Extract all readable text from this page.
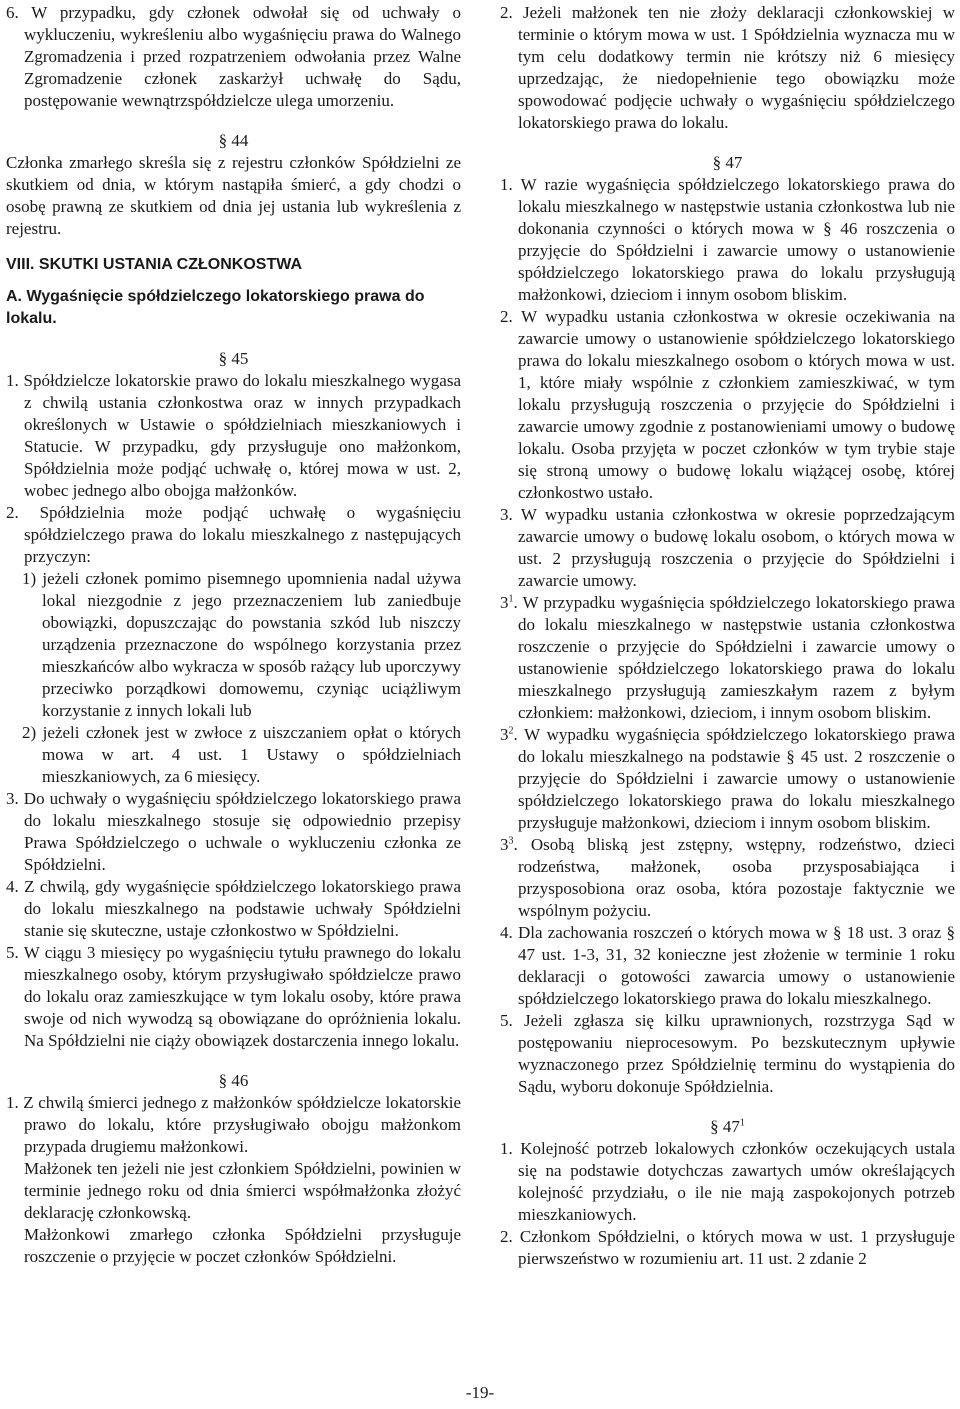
6. W przypadku, gdy członek odwołał się od uchwały o wykluczeniu, wykreśleniu albo wygaśnięciu prawa do Walnego Zgromadzenia i przed rozpatrzeniem odwołania przez Walne Zgromadzenie członek zaskarżył uchwałę do Sądu, postępowanie wewnątrzspółdzielcze ulega umorzeniu.

§ 44

Członka zmarłego skreśla się z rejestru członków Spółdzielni ze skutkiem od dnia, w którym nastąpiła śmierć, a gdy chodzi o osobę prawną ze skutkiem od dnia jej ustania lub wykreślenia z rejestru.

VIII. SKUTKI USTANIA CZŁONKOSTWA

A. Wygaśnięcie spółdzielczego lokatorskiego prawa do lokalu.

§ 45

1. Spółdzielcze lokatorskie prawo do lokalu mieszkalnego wygasa z chwilą ustania członkostwa oraz w innych przypadkach określonych w Ustawie o spółdzielniach mieszkaniowych i Statucie. W przypadku, gdy przysługuje ono małżonkom, Spółdzielnia może podjąć uchwałę o, której mowa w ust. 2, wobec jednego albo obojga małżonków.

2. Spółdzielnia może podjąć uchwałę o wygaśnięciu spółdzielczego prawa do lokalu mieszkalnego z następujących przyczyn:

1) jeżeli członek pomimo pisemnego upomnienia nadal używa lokal niezgodnie z jego przeznaczeniem lub zaniedbuje obowiązki, dopuszczając do powstania szkód lub niszczy urządzenia przeznaczone do wspólnego korzystania przez mieszkańców albo wykracza w sposób rażący lub uporczywy przeciwko porządkowi domowemu, czyniąc uciążliwym korzystanie z innych lokali lub

2) jeżeli członek jest w zwłoce z uiszczaniem opłat o których mowa w art. 4 ust. 1 Ustawy o spółdzielniach mieszkaniowych, za 6 miesięcy.

3. Do uchwały o wygaśnięciu spółdzielczego lokatorskiego prawa do lokalu mieszkalnego stosuje się odpowiednio przepisy Prawa Spółdzielczego o uchwale o wykluczeniu członka ze Spółdzielni.

4. Z chwilą, gdy wygaśnięcie spółdzielczego lokatorskiego prawa do lokalu mieszkalnego na podstawie uchwały Spółdzielni stanie się skuteczne, ustaje członkostwo w Spółdzielni.

5. W ciągu 3 miesięcy po wygaśnięciu tytułu prawnego do lokalu mieszkalnego osoby, którym przysługiwało spółdzielcze prawo do lokalu oraz zamieszkujące w tym lokalu osoby, które prawa swoje od nich wywodzą są obowiązane do opróżnienia lokalu. Na Spółdzielni nie ciąży obowiązek dostarczenia innego lokalu.

§ 46

1. Z chwilą śmierci jednego z małżonków spółdzielcze lokatorskie prawo do lokalu, które przysługiwało obojgu małżonkom przypada drugiemu małżonkowi.

Małżonek ten jeżeli nie jest członkiem Spółdzielni, powinien w terminie jednego roku od dnia śmierci współmałżonka złożyć deklarację członkowską.

Małżonkowi zmarłego członka Spółdzielni przysługuje roszczenie o przyjęcie w poczet członków Spółdzielni.

2. Jeżeli małżonek ten nie złoży deklaracji członkowskiej w terminie o którym mowa w ust. 1 Spółdzielnia wyznacza mu w tym celu dodatkowy termin nie krótszy niż 6 miesięcy uprzedzając, że niedopełnienie tego obowiązku może spowodować podjęcie uchwały o wygaśnięciu spółdzielczego lokatorskiego prawa do lokalu.

§ 47

1. W razie wygaśnięcia spółdzielczego lokatorskiego prawa do lokalu mieszkalnego w następstwie ustania członkostwa lub nie dokonania czynności o których mowa w § 46 roszczenia o przyjęcie do Spółdzielni i zawarcie umowy o ustanowienie spółdzielczego lokatorskiego prawa do lokalu przysługują małżonkowi, dzieciom i innym osobom bliskim.

2. W wypadku ustania członkostwa w okresie oczekiwania na zawarcie umowy o ustanowienie spółdzielczego lokatorskiego prawa do lokalu mieszkalnego osobom o których mowa w ust. 1, które miały wspólnie z członkiem zamieszkiwać, w tym lokalu przysługują roszczenia o przyjęcie do Spółdzielni i zawarcie umowy zgodnie z postanowieniami umowy o budowę lokalu. Osoba przyjęta w poczet członków w tym trybie staje się stroną umowy o budowę lokalu wiążącej osobę, której członkostwo ustało.

3. W wypadku ustania członkostwa w okresie poprzedzającym zawarcie umowy o budowę lokalu osobom, o których mowa w ust. 2 przysługują roszczenia o przyjęcie do Spółdzielni i zawarcie umowy.

$3^1$. W przypadku wygaśnięcia spółdzielczego lokatorskiego prawa do lokalu mieszkalnego w następstwie ustania członkostwa roszczenie o przyjęcie do Spółdzielni i zawarcie umowy o ustanowienie spółdzielczego lokatorskiego prawa do lokalu mieszkalnego przysługują zamieszkałym razem z byłym członkiem: małżonkowi, dzieciom, i innym osobom bliskim.

$3^2$. W wypadku wygaśnięcia spółdzielczego lokatorskiego prawa do lokalu mieszkalnego na podstawie § 45 ust. 2 roszczenie o przyjęcie do Spółdzielni i zawarcie umowy o ustanowienie spółdzielczego lokatorskiego prawa do lokalu mieszkalnego przysługuje małżonkowi, dzieciom i innym osobom bliskim.

$3^3$. Osobą bliską jest zstępny, wstępny, rodzeństwo, dzieci rodzeństwa, małżonek, osoba przysposabiająca i przysposobiona oraz osoba, która pozostaje faktycznie we wspólnym pożyciu.

4. Dla zachowania roszczeń o których mowa w § 18 ust. 3 oraz § 47 ust. 1-3, 31, 32 konieczne jest złożenie w terminie 1 roku deklaracji o gotowości zawarcia umowy o ustanowienie spółdzielczego lokatorskiego prawa do lokalu mieszkalnego.

5. Jeżeli zgłasza się kilku uprawnionych, rozstrzyga Sąd w postępowaniu nieprocesowym. Po bezskutecznym upływie wyznaczonego przez Spółdzielnię terminu do wystąpienia do Sądu, wyboru dokonuje Spółdzielnia.

§ $47^1$

1. Kolejność potrzeb lokalowych członków oczekujących ustala się na podstawie dotychczas zawartych umów określających kolejność przydziału, o ile nie mają zaspokojonych potrzeb mieszkaniowych.

2. Członkom Spółdzielni, o których mowa w ust. 1 przysługuje pierwszeństwo w rozumieniu art. 11 ust. 2 zdanie 2

-19-
